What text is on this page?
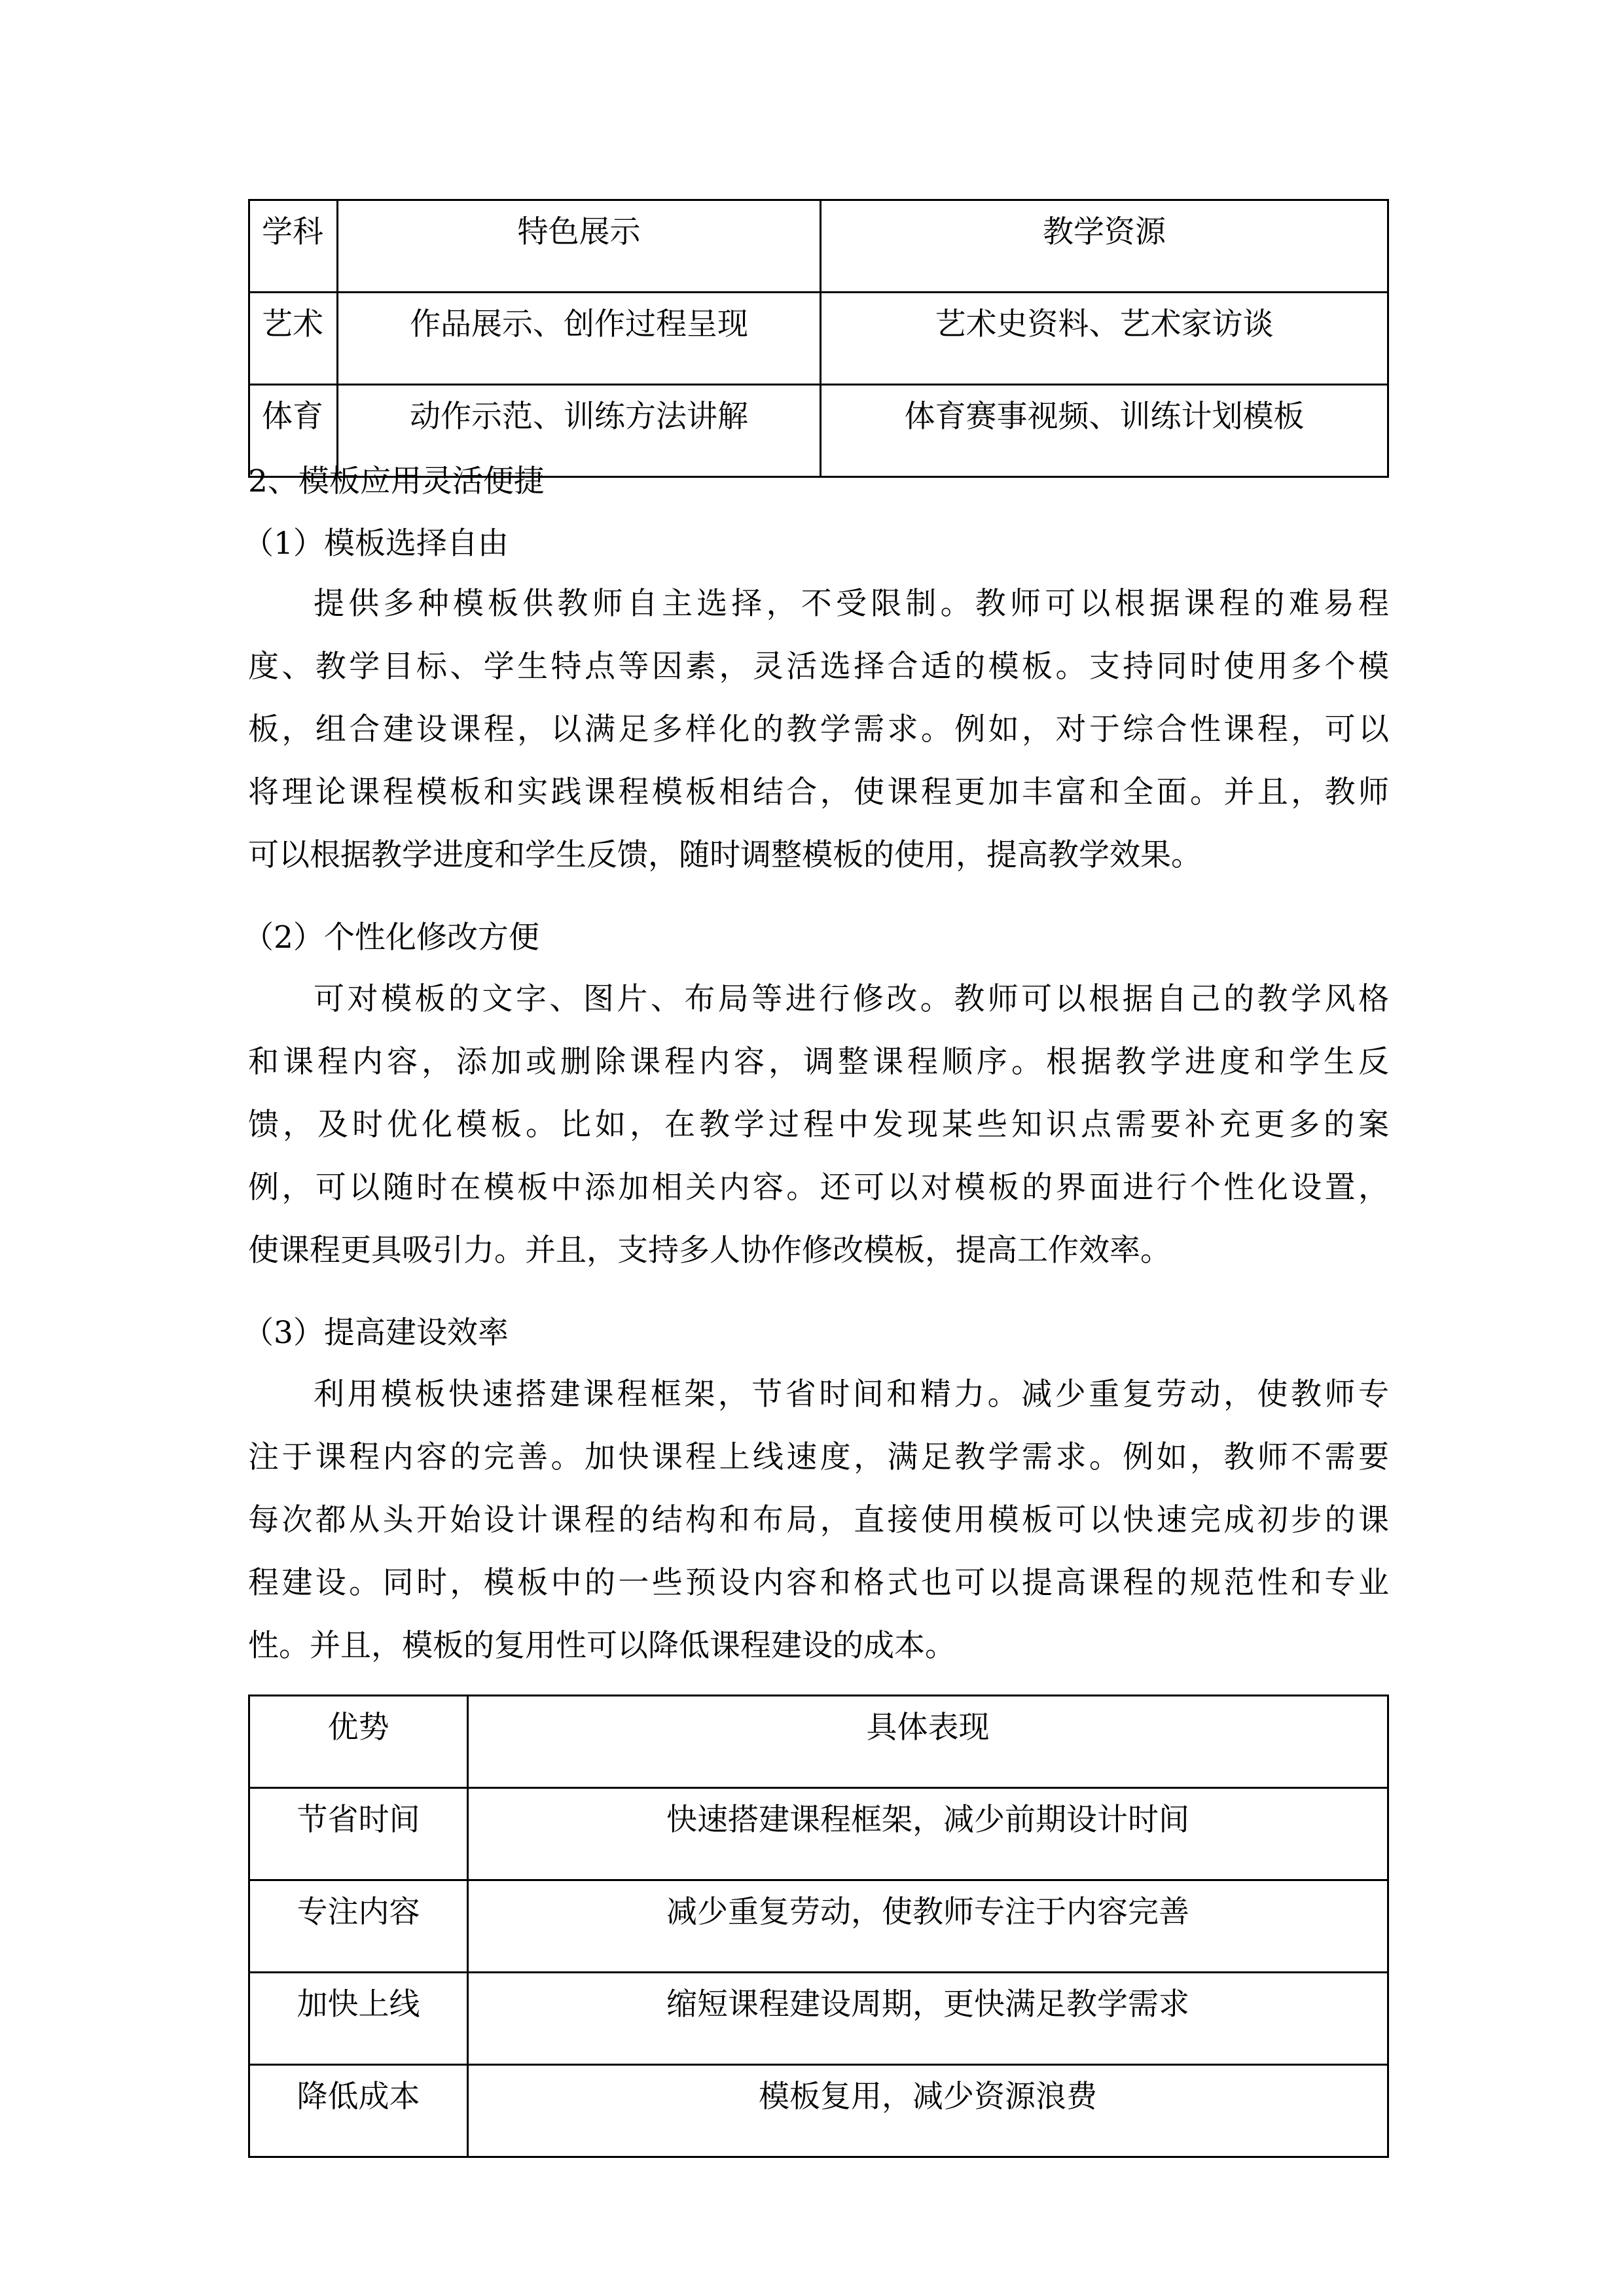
学科	特色展示	教学资源
艺术	作品展示、创作过程呈现	艺术史资料、艺术家访谈
体育	动作示范、训练方法讲解	体育赛事视频、训练计划模板
2、模板应用灵活便捷
（1）模板选择自由
提供多种模板供教师自主选择，不受限制。教师可以根据课程的难易程
度、教学目标、学生特点等因素，灵活选择合适的模板。支持同时使用多个模
板，组合建设课程，以满足多样化的教学需求。例如，对于综合性课程，可以
将理论课程模板和实践课程模板相结合，使课程更加丰富和全面。并且，教师
可以根据教学进度和学生反馈，随时调整模板的使用，提高教学效果。
（2）个性化修改方便
可对模板的文字、图片、布局等进行修改。教师可以根据自己的教学风格
和课程内容，添加或删除课程内容，调整课程顺序。根据教学进度和学生反
馈，及时优化模板。比如，在教学过程中发现某些知识点需要补充更多的案
例，可以随时在模板中添加相关内容。还可以对模板的界面进行个性化设置，
使课程更具吸引力。并且，支持多人协作修改模板，提高工作效率。
（3）提高建设效率
利用模板快速搭建课程框架，节省时间和精力。减少重复劳动，使教师专
注于课程内容的完善。加快课程上线速度，满足教学需求。例如，教师不需要
每次都从头开始设计课程的结构和布局，直接使用模板可以快速完成初步的课
程建设。同时，模板中的一些预设内容和格式也可以提高课程的规范性和专业
性。并且，模板的复用性可以降低课程建设的成本。
优势	具体表现
节省时间	快速搭建课程框架，减少前期设计时间
专注内容	减少重复劳动，使教师专注于内容完善
加快上线	缩短课程建设周期，更快满足教学需求
降低成本	模板复用，减少资源浪费
